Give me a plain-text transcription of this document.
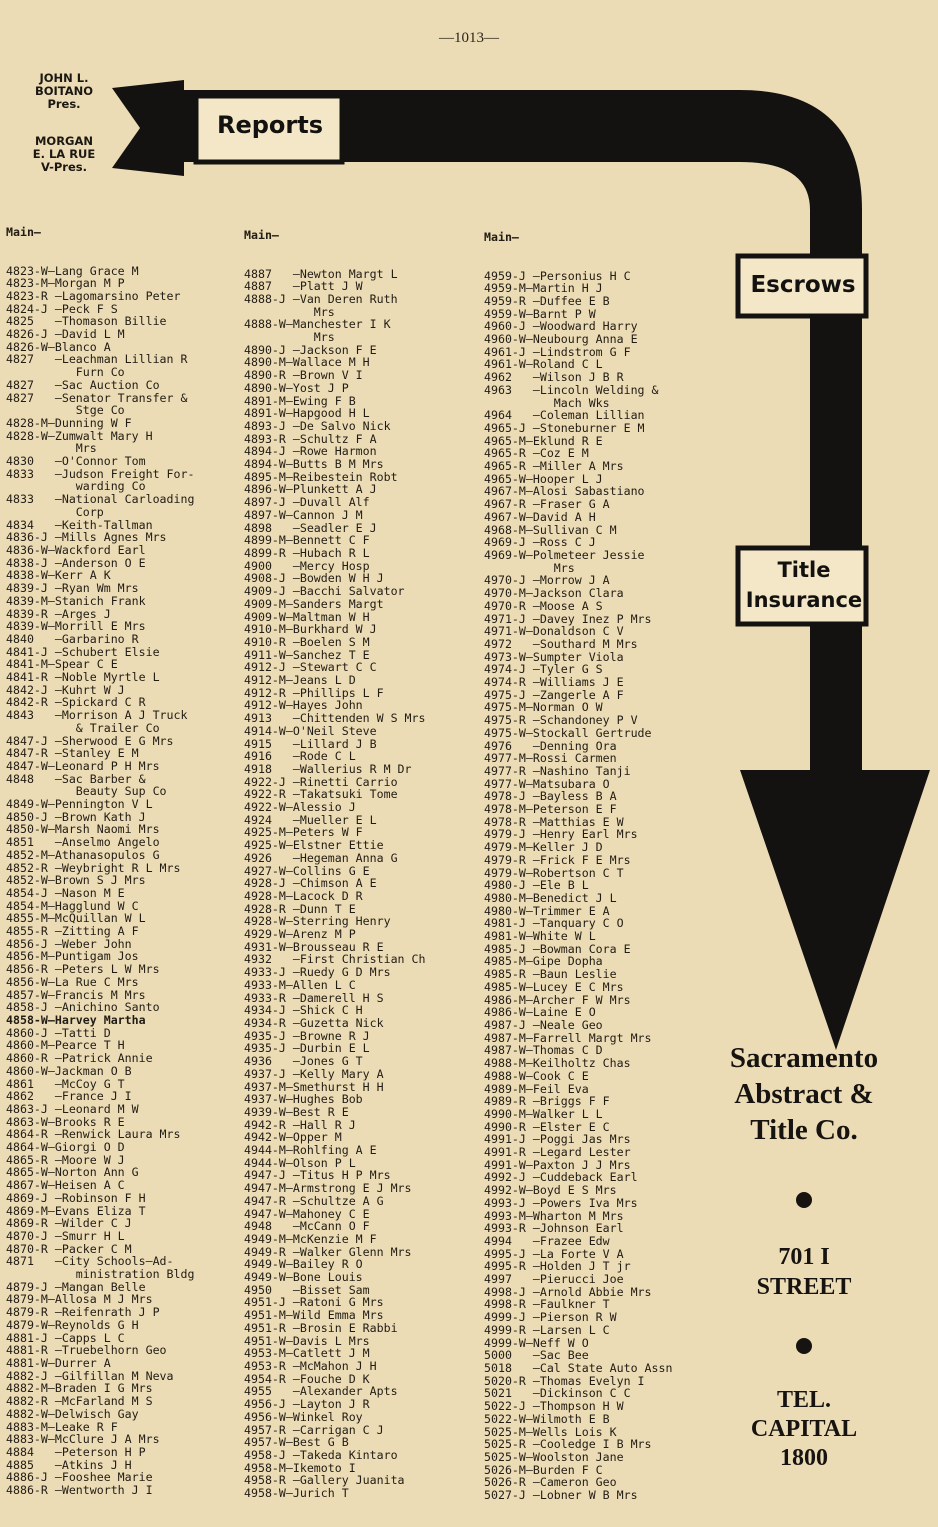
—1013—
JOHN L.
BOITANO
Pres.
MORGAN
E. LA RUE
V-Pres.
Reports
Escrows
Title
Insurance
Sacramento
Abstract &
Title Co.
701 I
STREET
TEL.
CAPITAL
1800

Main—

4823-W—Lang Grace M
4823-M—Morgan M P
4823-R —Lagomarsino Peter
4824-J —Peck F S
4825   —Thomason Billie
4826-J —David L M
4826-W—Blanco A
4827   —Leachman Lillian R
Furn Co
4827   —Sac Auction Co
4827   —Senator Transfer &
Stge Co
4828-M—Dunning W F
4828-W—Zumwalt Mary H
Mrs
4830   —O'Connor Tom
4833   —Judson Freight For-
warding Co
4833   —National Carloading
Corp
4834   —Keith-Tallman
4836-J —Mills Agnes Mrs
4836-W—Wackford Earl
4838-J —Anderson O E
4838-W—Kerr A K
4839-J —Ryan Wm Mrs
4839-M—Stanich Frank
4839-R —Arges J
4839-W—Morrill E Mrs
4840   —Garbarino R
4841-J —Schubert Elsie
4841-M—Spear C E
4841-R —Noble Myrtle L
4842-J —Kuhrt W J
4842-R —Spickard C R
4843   —Morrison A J Truck
& Trailer Co
4847-J —Sherwood E G Mrs
4847-R —Stanley E M
4847-W—Leonard P H Mrs
4848   —Sac Barber &
Beauty Sup Co
4849-W—Pennington V L
4850-J —Brown Kath J
4850-W—Marsh Naomi Mrs
4851   —Anselmo Angelo
4852-M—Athanasopulos G
4852-R —Weybright R L Mrs
4852-W—Brown S J Mrs
4854-J —Nason M E
4854-M—Hagglund W C
4855-M—McQuillan W L
4855-R —Zitting A F
4856-J —Weber John
4856-M—Puntigam Jos
4856-R —Peters L W Mrs
4856-W—La Rue C Mrs
4857-W—Francis M Mrs
4858-J —Anichino Santo
4858-W—Harvey Martha
4860-J —Tatti D
4860-M—Pearce T H
4860-R —Patrick Annie
4860-W—Jackman O B
4861   —McCoy G T
4862   —France J I
4863-J —Leonard M W
4863-W—Brooks R E
4864-R —Renwick Laura Mrs
4864-W—Giorgi O D
4865-R —Moore W J
4865-W—Norton Ann G
4867-W—Heisen A C
4869-J —Robinson F H
4869-M—Evans Eliza T
4869-R —Wilder C J
4870-J —Smurr H L
4870-R —Packer C M
4871   —City Schools—Ad-
ministration Bldg
4879-J —Mangan Belle
4879-M—Allosa M J Mrs
4879-R —Reifenrath J P
4879-W—Reynolds G H
4881-J —Capps L C
4881-R —Truebelhorn Geo
4881-W—Durrer A
4882-J —Gilfillan M Neva
4882-M—Braden I G Mrs
4882-R —McFarland M S
4882-W—Delwisch Gay
4883-M—Leake R F
4883-W—McClure J A Mrs
4884   —Peterson H P
4885   —Atkins J H
4886-J —Fooshee Marie
4886-R —Wentworth J I

Main—

4887   —Newton Margt L
4887   —Platt J W
4888-J —Van Deren Ruth
Mrs
4888-W—Manchester I K
Mrs
4890-J —Jackson F E
4890-M—Wallace M H
4890-R —Brown V I
4890-W—Yost J P
4891-M—Ewing F B
4891-W—Hapgood H L
4893-J —De Salvo Nick
4893-R —Schultz F A
4894-J —Rowe Harmon
4894-W—Butts B M Mrs
4895-M—Reibestein Robt
4896-W—Plunkett A J
4897-J —Duvall Alf
4897-W—Cannon J M
4898   —Seadler E J
4899-M—Bennett C F
4899-R —Hubach R L
4900   —Mercy Hosp
4908-J —Bowden W H J
4909-J —Bacchi Salvator
4909-M—Sanders Margt
4909-W—Maltman W H
4910-M—Burkhard W J
4910-R —Boelen S M
4911-W—Sanchez T E
4912-J —Stewart C C
4912-M—Jeans L D
4912-R —Phillips L F
4912-W—Hayes John
4913   —Chittenden W S Mrs
4914-W—O'Neil Steve
4915   —Lillard J B
4916   —Rode C L
4918   —Wallerius R M Dr
4922-J —Rinetti Carrio
4922-R —Takatsuki Tome
4922-W—Alessio J
4924   —Mueller E L
4925-M—Peters W F
4925-W—Elstner Ettie
4926   —Hegeman Anna G
4927-W—Collins G E
4928-J —Chimson A E
4928-M—Lacock D R
4928-R —Dunn T E
4928-W—Sterring Henry
4929-W—Arenz M P
4931-W—Brousseau R E
4932   —First Christian Ch
4933-J —Ruedy G D Mrs
4933-M—Allen L C
4933-R —Damerell H S
4934-J —Shick C H
4934-R —Guzetta Nick
4935-J —Browne R J
4935-J —Durbin E L
4936   —Jones G T
4937-J —Kelly Mary A
4937-M—Smethurst H H
4937-W—Hughes Bob
4939-W—Best R E
4942-R —Hall R J
4942-W—Opper M
4944-M—Rohlfing A E
4944-W—Olson P L
4947-J —Titus H P Mrs
4947-M—Armstrong E J Mrs
4947-R —Schultze A G
4947-W—Mahoney C E
4948   —McCann O F
4949-M—McKenzie M F
4949-R —Walker Glenn Mrs
4949-W—Bailey R O
4949-W—Bone Louis
4950   —Bisset Sam
4951-J —Ratoni G Mrs
4951-M—Wild Emma Mrs
4951-R —Brosin E Rabbi
4951-W—Davis L Mrs
4953-M—Catlett J M
4953-R —McMahon J H
4954-R —Fouche D K
4955   —Alexander Apts
4956-J —Layton J R
4956-W—Winkel Roy
4957-R —Carrigan C J
4957-W—Best G B
4958-J —Takeda Kintaro
4958-M—Ikemoto I
4958-R —Gallery Juanita
4958-W—Jurich T

Main—

4959-J —Personius H C
4959-M—Martin H J
4959-R —Duffee E B
4959-W—Barnt P W
4960-J —Woodward Harry
4960-W—Neubourg Anna E
4961-J —Lindstrom G F
4961-W—Roland C L
4962   —Wilson J B R
4963   —Lincoln Welding &
Mach Wks
4964   —Coleman Lillian
4965-J —Stoneburner E M
4965-M—Eklund R E
4965-R —Coz E M
4965-R —Miller A Mrs
4965-W—Hooper L J
4967-M—Alosi Sabastiano
4967-R —Fraser G A
4967-W—David A H
4968-M—Sullivan C M
4969-J —Ross C J
4969-W—Polmeteer Jessie
Mrs
4970-J —Morrow J A
4970-M—Jackson Clara
4970-R —Moose A S
4971-J —Davey Inez P Mrs
4971-W—Donaldson C V
4972   —Southard M Mrs
4973-W—Sumpter Viola
4974-J —Tyler G S
4974-R —Williams J E
4975-J —Zangerle A F
4975-M—Norman O W
4975-R —Schandoney P V
4975-W—Stockall Gertrude
4976   —Denning Ora
4977-M—Rossi Carmen
4977-R —Nashino Tanji
4977-W—Matsubara O
4978-J —Bayless B A
4978-M—Peterson E F
4978-R —Matthias E W
4979-J —Henry Earl Mrs
4979-M—Keller J D
4979-R —Frick F E Mrs
4979-W—Robertson C T
4980-J —Ele B L
4980-M—Benedict J L
4980-W—Trimmer E A
4981-J —Tanquary C O
4981-W—White W L
4985-J —Bowman Cora E
4985-M—Gipe Dopha
4985-R —Baun Leslie
4985-W—Lucey E C Mrs
4986-M—Archer F W Mrs
4986-W—Laine E O
4987-J —Neale Geo
4987-M—Farrell Margt Mrs
4987-W—Thomas C D
4988-M—Keilholtz Chas
4988-W—Cook C E
4989-M—Feil Eva
4989-R —Briggs F F
4990-M—Walker L L
4990-R —Elster E C
4991-J —Poggi Jas Mrs
4991-R —Legard Lester
4991-W—Paxton J J Mrs
4992-J —Cuddeback Earl
4992-W—Boyd E S Mrs
4993-J —Powers Iva Mrs
4993-M—Wharton M Mrs
4993-R —Johnson Earl
4994   —Frazee Edw
4995-J —La Forte V A
4995-R —Holden J T jr
4997   —Pierucci Joe
4998-J —Arnold Abbie Mrs
4998-R —Faulkner T
4999-J —Pierson R W
4999-R —Larsen L C
4999-W—Neff W O
5000   —Sac Bee
5018   —Cal State Auto Assn
5020-R —Thomas Evelyn I
5021   —Dickinson C C
5022-J —Thompson H W
5022-W—Wilmoth E B
5025-M—Wells Lois K
5025-R —Cooledge I B Mrs
5025-W—Woolston Jane
5026-M—Burden F C
5026-R —Cameron Geo
5027-J —Lobner W B Mrs
